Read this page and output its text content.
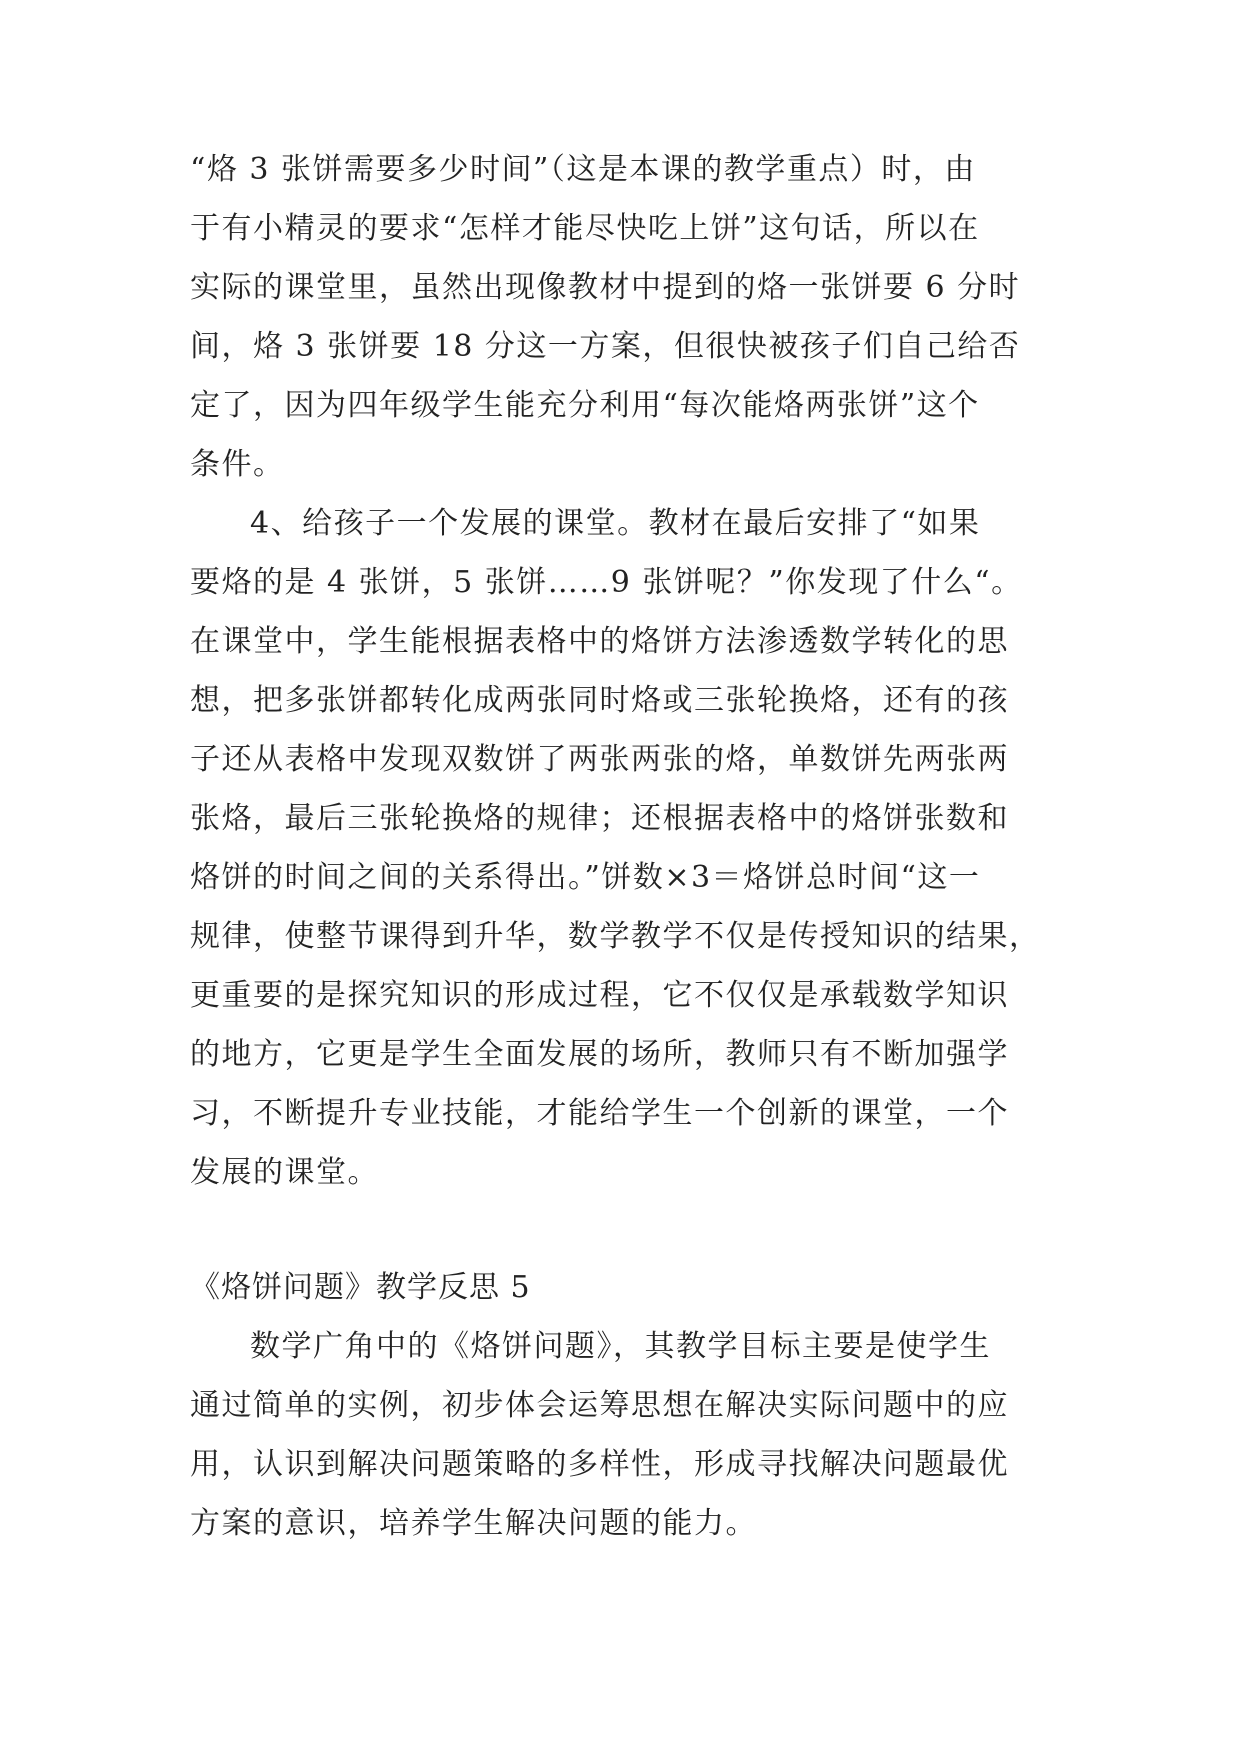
“烙 3 张饼需要多少时间”（这是本课的教学重点）时，由
于有小精灵的要求“怎样才能尽快吃上饼”这句话，所以在
实际的课堂里，虽然出现像教材中提到的烙一张饼要 6 分时
间，烙 3 张饼要 18 分这一方案，但很快被孩子们自己给否
定了，因为四年级学生能充分利用“每次能烙两张饼”这个
条件。
4、给孩子一个发展的课堂。教材在最后安排了“如果
要烙的是 4 张饼，5 张饼……9 张饼呢？”你发现了什么“。
在课堂中，学生能根据表格中的烙饼方法渗透数学转化的思
想，把多张饼都转化成两张同时烙或三张轮换烙，还有的孩
子还从表格中发现双数饼了两张两张的烙，单数饼先两张两
张烙，最后三张轮换烙的规律；还根据表格中的烙饼张数和
烙饼的时间之间的关系得出。”饼数×3＝烙饼总时间“这一
规律，使整节课得到升华，数学教学不仅是传授知识的结果，
更重要的是探究知识的形成过程，它不仅仅是承载数学知识
的地方，它更是学生全面发展的场所，教师只有不断加强学
习，不断提升专业技能，才能给学生一个创新的课堂，一个
发展的课堂。
《烙饼问题》教学反思 5
数学广角中的《烙饼问题》，其教学目标主要是使学生
通过简单的实例，初步体会运筹思想在解决实际问题中的应
用，认识到解决问题策略的多样性，形成寻找解决问题最优
方案的意识，培养学生解决问题的能力。
